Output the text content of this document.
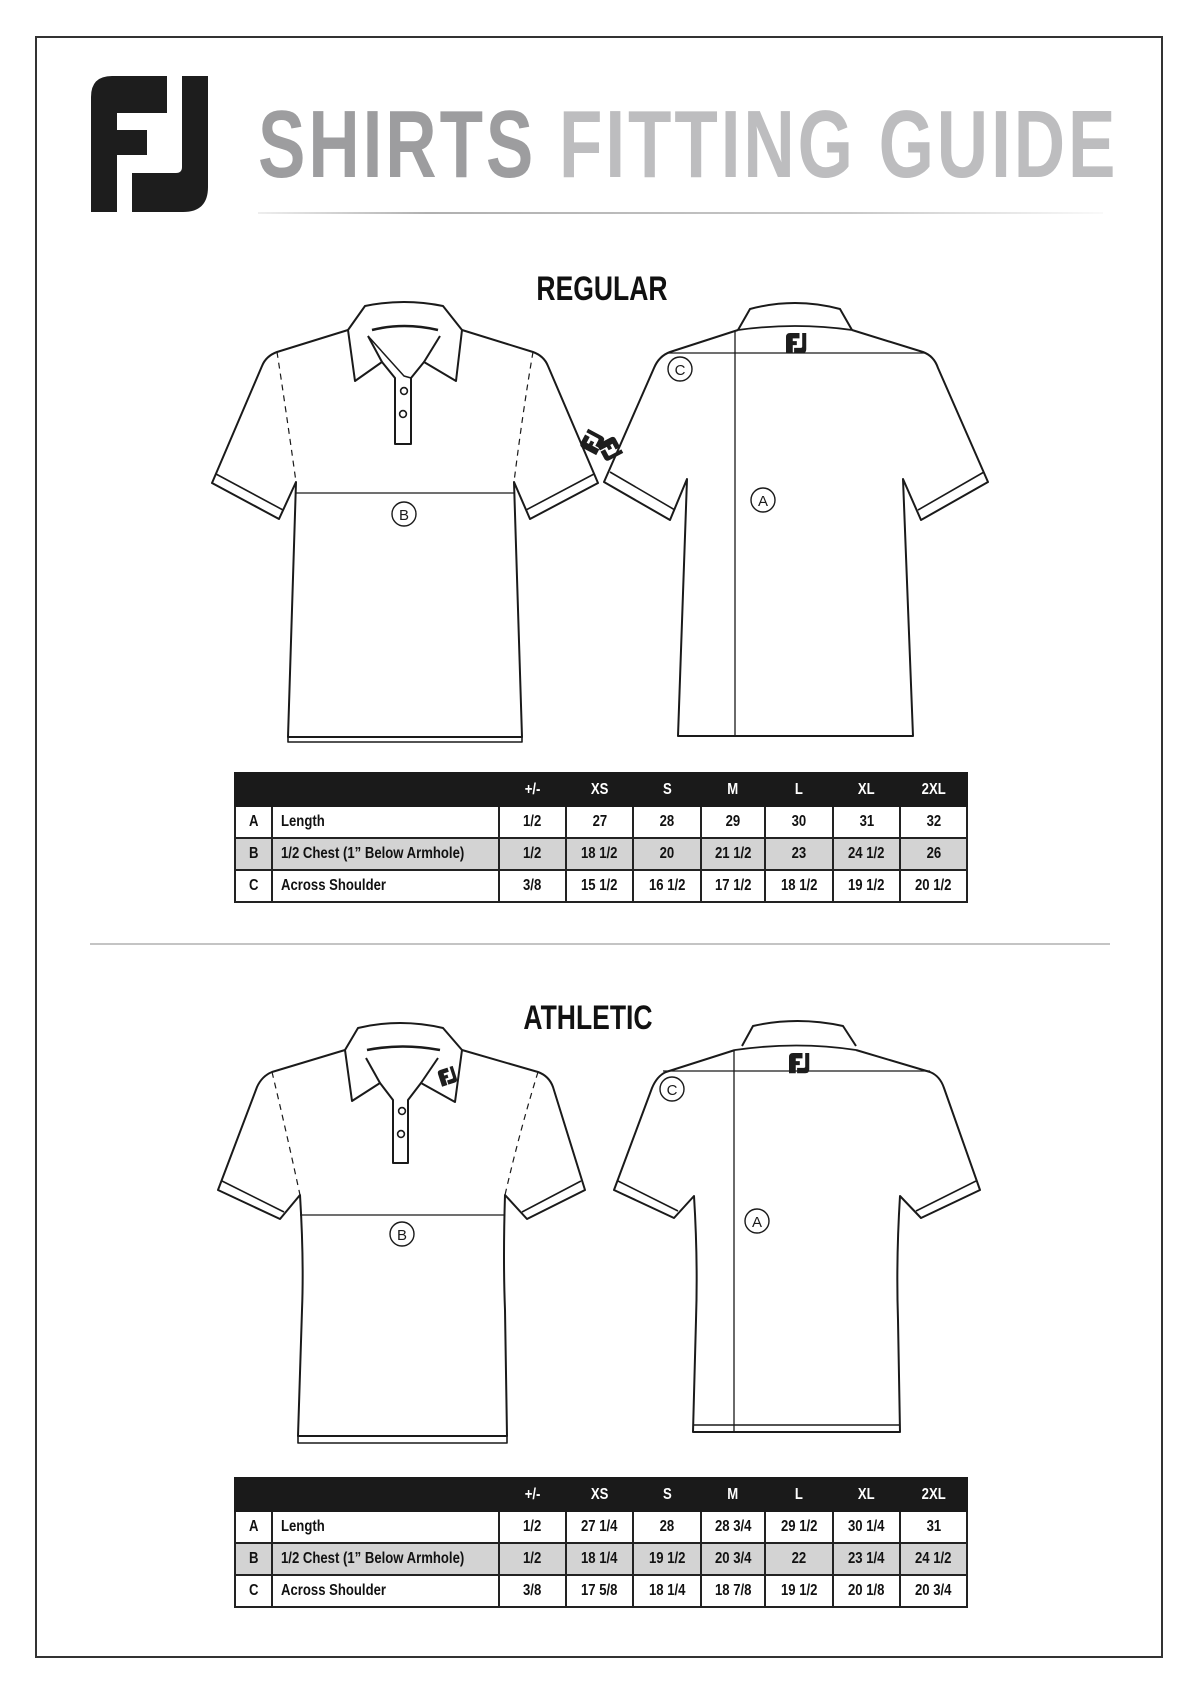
SHIRTS FITTING GUIDE
REGULAR
B
C
A
B
C
A
		+/-	XS	S	M	L	XL	2XL
A	Length	1/2	27	28	29	30	31	32
B	1/2 Chest (1” Below Armhole)	1/2	18 1/2	20	21 1/2	23	24 1/2	26
C	Across Shoulder	3/8	15 1/2	16 1/2	17 1/2	18 1/2	19 1/2	20 1/2
ATHLETIC
		+/-	XS	S	M	L	XL	2XL
A	Length	1/2	27 1/4	28	28 3/4	29 1/2	30 1/4	31
B	1/2 Chest (1” Below Armhole)	1/2	18 1/4	19 1/2	20 3/4	22	23 1/4	24 1/2
C	Across Shoulder	3/8	17 5/8	18 1/4	18 7/8	19 1/2	20 1/8	20 3/4
